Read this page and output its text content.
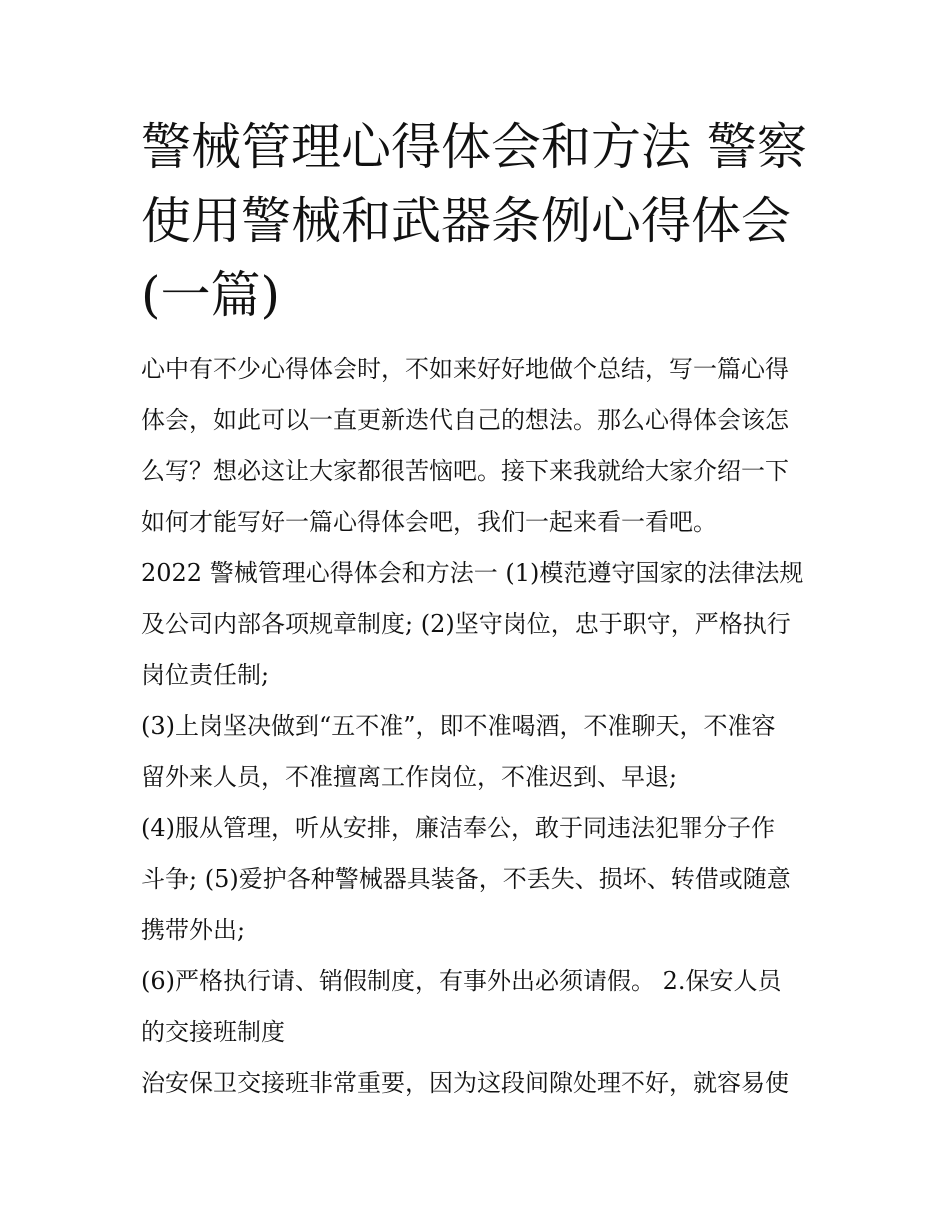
警械管理心得体会和方法 警察
使用警械和武器条例心得体会
(一篇)

心中有不少心得体会时，不如来好好地做个总结，写一篇心得
体会，如此可以一直更新迭代自己的想法。那么心得体会该怎
么写？想必这让大家都很苦恼吧。接下来我就给大家介绍一下
如何才能写好一篇心得体会吧，我们一起来看一看吧。

2022 警械管理心得体会和方法一 (1)模范遵守国家的法律法规
及公司内部各项规章制度; (2)坚守岗位，忠于职守，严格执行
岗位责任制;

(3)上岗坚决做到“五不准”，即不准喝酒，不准聊天，不准容
留外来人员，不准擅离工作岗位，不准迟到、早退;

(4)服从管理，听从安排，廉洁奉公，敢于同违法犯罪分子作
斗争; (5)爱护各种警械器具装备，不丢失、损坏、转借或随意
携带外出;

(6)严格执行请、销假制度，有事外出必须请假。 2.保安人员
的交接班制度

治安保卫交接班非常重要，因为这段间隙处理不好，就容易使
